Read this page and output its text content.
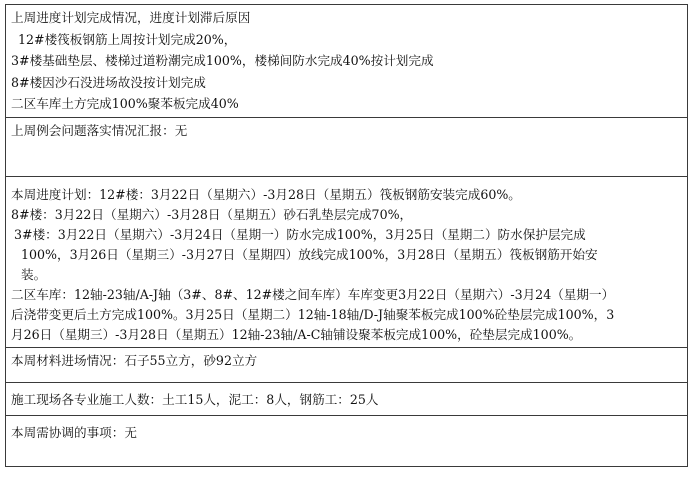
上周进度计划完成情况，进度计划滞后原因
12#楼筏板钢筋上周按计划完成20%，
3#楼基础垫层、楼梯过道粉潮完成100%，楼梯间防水完成40%按计划完成
8#楼因沙石没进场故没按计划完成
二区车库土方完成100%聚苯板完成40%

上周例会问题落实情况汇报：无

本周进度计划：12#楼：3月22日（星期六）-3月28日（星期五）筏板钢筋安装完成60%。
8#楼：3月22日（星期六）-3月28日（星期五）砂石乳垫层完成70%，
3#楼：3月22日（星期六）-3月24日（星期一）防水完成100%，3月25日（星期二）防水保护层完成
100%，3月26日（星期三）-3月27日（星期四）放线完成100%，3月28日（星期五）筏板钢筋开始安
装。
二区车库：12轴-23轴/A-J轴（3#、8#、12#楼之间车库）车库变更3月22日（星期六）-3月24（星期一）
后浇带变更后土方完成100%。3月25日（星期二）12轴-18轴/D-J轴聚苯板完成100%砼垫层完成100%，3
月26日（星期三）-3月28日（星期五）12轴-23轴/A-C轴铺设聚苯板完成100%，砼垫层完成100%。

本周材料进场情况：石子55立方，砂92立方

施工现场各专业施工人数：土工15人，泥工：8人，钢筋工：25人

本周需协调的事项：无
